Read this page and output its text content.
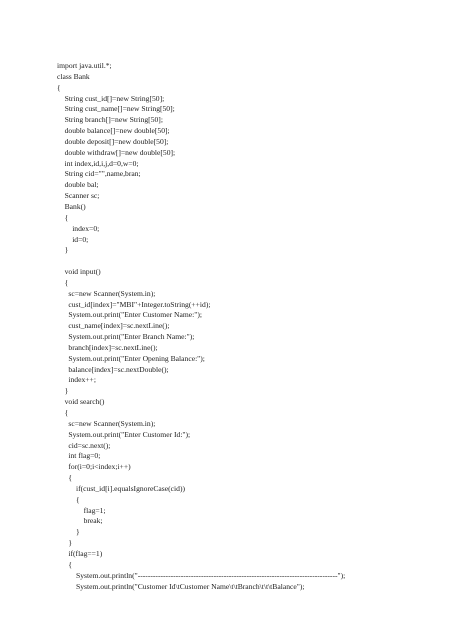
import java.util.*;
class Bank
{
String cust_id[]=new String[50];
String cust_name[]=new String[50];
String branch[]=new String[50];
double balance[]=new double[50];
double deposit[]=new double[50];
double withdraw[]=new double[50];
int index,id,i,j,d=0,w=0;
String cid="",name,bran;
double bal;
Scanner sc;
Bank()
{
index=0;
id=0;
}
void input()
{
sc=new Scanner(System.in);
cust_id[index]="MBI"+Integer.toString(++id);
System.out.print("Enter Customer Name:");
cust_name[index]=sc.nextLine();
System.out.print("Enter Branch Name:");
branch[index]=sc.nextLine();
System.out.print("Enter Opening Balance:");
balance[index]=sc.nextDouble();
index++;
}
void search()
{
sc=new Scanner(System.in);
System.out.print("Enter Customer Id:");
cid=sc.next();
int flag=0;
for(i=0;i<index;i++)
{
if(cust_id[i].equalsIgnoreCase(cid))
{
flag=1;
break;
}
}
if(flag==1)
{
System.out.println("-------------------------------------------------------------------------------");
System.out.println("Customer Id\tCustomer Name\t\tBranch\t\t\tBalance");
